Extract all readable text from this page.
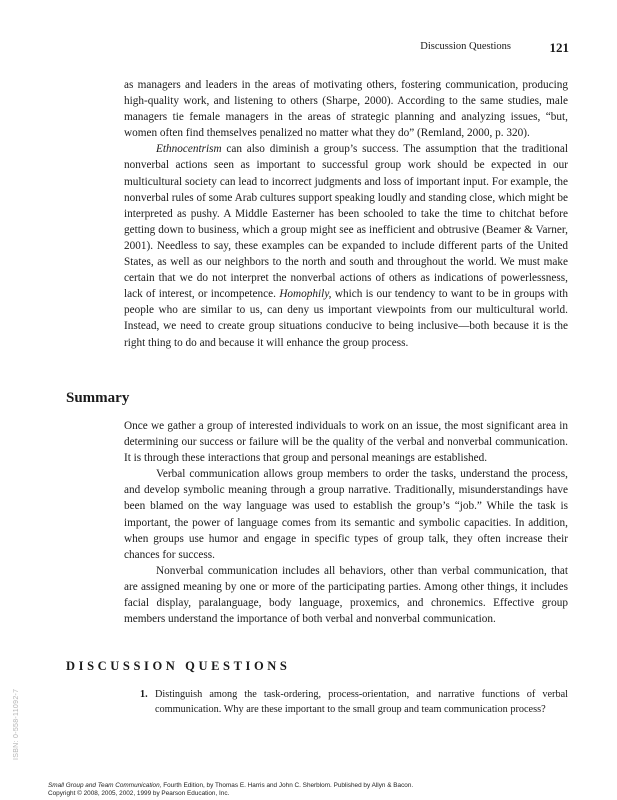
Discussion Questions	121

as managers and leaders in the areas of motivating others, fostering communication, producing high-quality work, and listening to others (Sharpe, 2000). According to the same studies, male managers tie female managers in the areas of strategic planning and analyzing issues, “but, women often find themselves penalized no matter what they do” (Remland, 2000, p. 320).

Ethnocentrism can also diminish a group’s success. The assumption that the traditional nonverbal actions seen as important to successful group work should be expected in our multicultural society can lead to incorrect judgments and loss of important input. For example, the nonverbal rules of some Arab cultures support speaking loudly and standing close, which might be interpreted as pushy. A Middle Easterner has been schooled to take the time to chitchat before getting down to business, which a group might see as inefficient and obtrusive (Beamer & Varner, 2001). Needless to say, these examples can be expanded to include different parts of the United States, as well as our neighbors to the north and south and throughout the world. We must make certain that we do not interpret the nonverbal actions of others as indications of powerlessness, lack of interest, or incompetence. Homophily, which is our tendency to want to be in groups with people who are similar to us, can deny us important viewpoints from our multicultural world. Instead, we need to create group situations conducive to being inclusive—both because it is the right thing to do and because it will enhance the group process.

Summary

Once we gather a group of interested individuals to work on an issue, the most significant area in determining our success or failure will be the quality of the verbal and nonverbal communication. It is through these interactions that group and personal meanings are established.

Verbal communication allows group members to order the tasks, understand the process, and develop symbolic meaning through a group narrative. Traditionally, misunderstandings have been blamed on the way language was used to establish the group’s “job.” While the task is important, the power of language comes from its semantic and symbolic capacities. In addition, when groups use humor and engage in specific types of group talk, they often increase their chances for success.

Nonverbal communication includes all behaviors, other than verbal communication, that are assigned meaning by one or more of the participating parties. Among other things, it includes facial display, paralanguage, body language, proxemics, and chronemics. Effective group members understand the importance of both verbal and nonverbal communication.

DISCUSSION QUESTIONS
1. Distinguish among the task-ordering, process-orientation, and narrative functions of verbal communication. Why are these important to the small group and team communication process?
ISBN: 0-558-11092-7
Small Group and Team Communication, Fourth Edition, by Thomas E. Harris and John C. Sherblom. Published by Allyn & Bacon.
Copyright © 2008, 2005, 2002, 1999 by Pearson Education, Inc.
